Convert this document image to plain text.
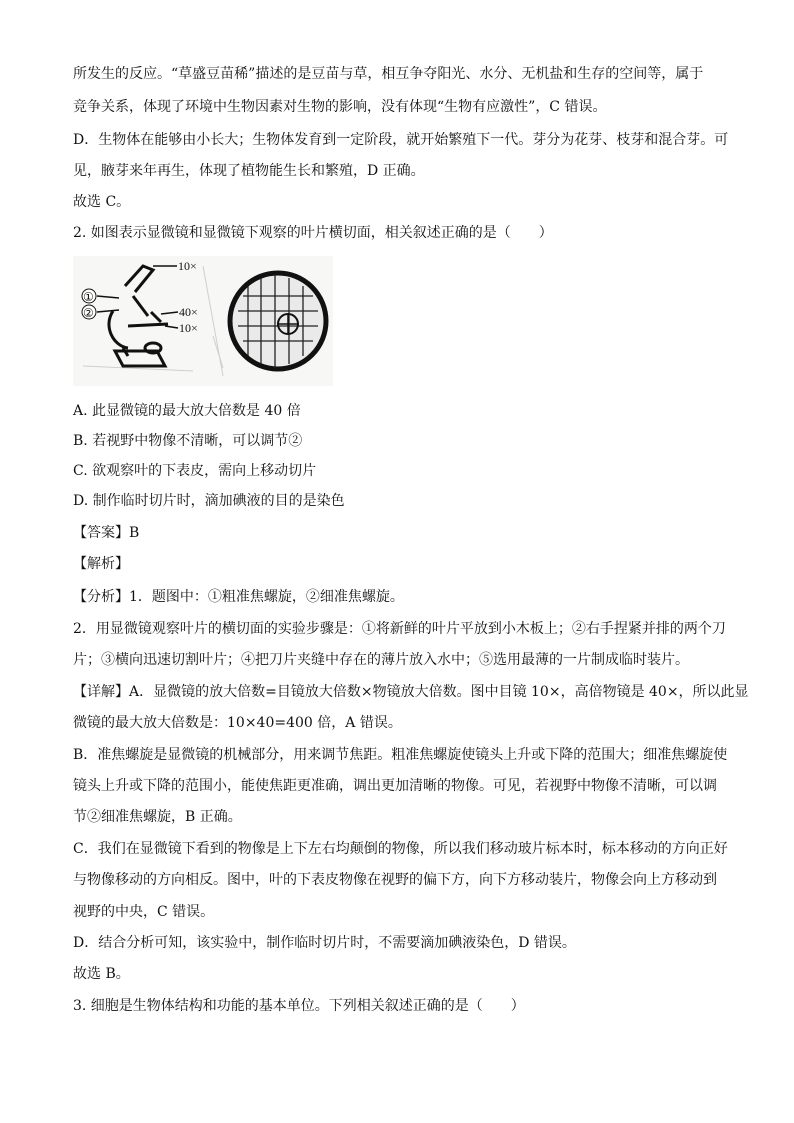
所发生的反应。“草盛豆苗稀”描述的是豆苗与草，相互争夺阳光、水分、无机盐和生存的空间等，属于
竞争关系，体现了环境中生物因素对生物的影响，没有体现“生物有应激性”，C 错误。
D．生物体在能够由小长大；生物体发育到一定阶段，就开始繁殖下一代。芽分为花芽、枝芽和混合芽。可
见，腋芽来年再生，体现了植物能生长和繁殖，D 正确。
故选 C。
2. 如图表示显微镜和显微镜下观察的叶片横切面，相关叙述正确的是（　　）
10×
40×
10×
①
②
A. 此显微镜的最大放大倍数是 40 倍
B. 若视野中物像不清晰，可以调节②
C. 欲观察叶的下表皮，需向上移动切片
D. 制作临时切片时，滴加碘液的目的是染色
【答案】B
【解析】
【分析】1．题图中：①粗准焦螺旋，②细准焦螺旋。
2．用显微镜观察叶片的横切面的实验步骤是：①将新鲜的叶片平放到小木板上；②右手捏紧并排的两个刀
片；③横向迅速切割叶片；④把刀片夹缝中存在的薄片放入水中；⑤选用最薄的一片制成临时装片。
【详解】A．显微镜的放大倍数=目镜放大倍数×物镜放大倍数。图中目镜 10×，高倍物镜是 40×，所以此显
微镜的最大放大倍数是：10×40=400 倍，A 错误。
B．准焦螺旋是显微镜的机械部分，用来调节焦距。粗准焦螺旋使镜头上升或下降的范围大；细准焦螺旋使
镜头上升或下降的范围小，能使焦距更准确，调出更加清晰的物像。可见，若视野中物像不清晰，可以调
节②细准焦螺旋，B 正确。
C．我们在显微镜下看到的物像是上下左右均颠倒的物像，所以我们移动玻片标本时，标本移动的方向正好
与物像移动的方向相反。图中，叶的下表皮物像在视野的偏下方，向下方移动装片，物像会向上方移动到
视野的中央，C 错误。
D．结合分析可知，该实验中，制作临时切片时，不需要滴加碘液染色，D 错误。
故选 B。
3. 细胞是生物体结构和功能的基本单位。下列相关叙述正确的是（　　）
